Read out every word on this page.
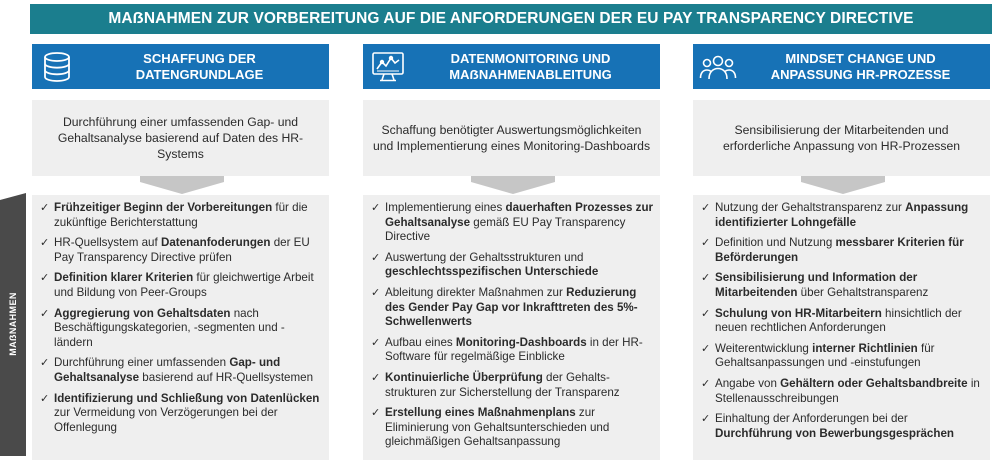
MAẞNAHMEN ZUR VORBEREITUNG AUF DIE ANFORDERUNGEN DER EU PAY TRANSPARENCY DIRECTIVE
MAẞNAHMEN
SCHAFFUNG DER
DATENGRUNDLAGE
Durchführung einer umfassenden Gap- und
Gehaltsanalyse basierend auf Daten des HR-Systems
✓ Frühzeitiger Beginn der Vorbereitungen für die zukünftige Berichterstattung
✓ HR-Quellsystem auf Datenanfoderungen der EU Pay Transparency Directive prüfen
✓ Definition klarer Kriterien für gleichwertige Arbeit und Bildung von Peer-Groups
✓ Aggregierung von Gehaltsdaten nach Beschäftigungskategorien, -segmenten und -ländern
✓ Durchführung einer umfassenden Gap- und Gehaltsanalyse basierend auf HR-Quellsystemen
✓ Identifizierung und Schließung von Datenlücken zur Vermeidung von Verzögerungen bei der Offenlegung
DATENMONITORING UND
MAẞNAHMENABLEITUNG
Schaffung benötigter Auswertungsmöglichkeiten
und Implementierung eines Monitoring-Dashboards
✓ Implementierung eines dauerhaften Prozesses zur Gehaltsanalyse gemäß EU Pay Transparency Directive
✓ Auswertung der Gehaltsstrukturen und geschlechtsspezifischen Unterschiede
✓ Ableitung direkter Maßnahmen zur Reduzierung des Gender Pay Gap vor Inkrafttreten des 5%-Schwellenwerts
✓ Aufbau eines Monitoring-Dashboards in der HR-Software für regelmäßige Einblicke
✓ Kontinuierliche Überprüfung der Gehalts-strukturen zur Sicherstellung der Transparenz
✓ Erstellung eines Maßnahmenplans zur Eliminierung von Gehaltsunterschieden und gleichmäßigen Gehaltsanpassung
MINDSET CHANGE UND
ANPASSUNG HR-PROZESSE
Sensibilisierung der Mitarbeitenden und
erforderliche Anpassung von HR-Prozessen
✓ Nutzung der Gehaltstransparenz zur Anpassung identifizierter Lohngefälle
✓ Definition und Nutzung messbarer Kriterien für Beförderungen
✓ Sensibilisierung und Information der Mitarbeitenden über Gehaltstransparenz
✓ Schulung von HR-Mitarbeitern hinsichtlich der neuen rechtlichen Anforderungen
✓ Weiterentwicklung interner Richtlinien für Gehaltsanpassungen und -einstufungen
✓ Angabe von Gehältern oder Gehaltsbandbreite in Stellenausschreibungen
✓ Einhaltung der Anforderungen bei der Durchführung von Bewerbungsgesprächen
